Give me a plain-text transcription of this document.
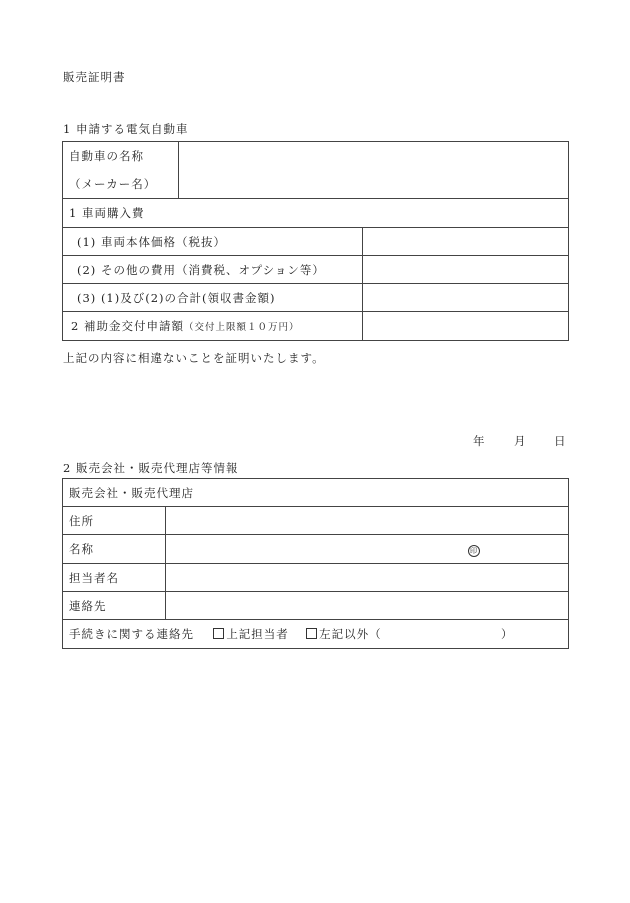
販売証明書
1 申請する電気自動車
自動車の名称
（メーカー名）		

1 車両購入費		
(1) 車両本体価格（税抜）		
(2) その他の費用（消費税、オプション等）		
(3) (1)及び(2)の合計(領収書金額)		
2 補助金交付申請額（交付上限額１０万円）		
上記の内容に相違ないことを証明いたします。
年	月 日
2 販売会社・販売代理店等情報
販売会社・販売代理店	
住所	
名称	印
担当者名	
連絡先	
手続きに関する連絡先 上記担当者 左記以外（ ）	
